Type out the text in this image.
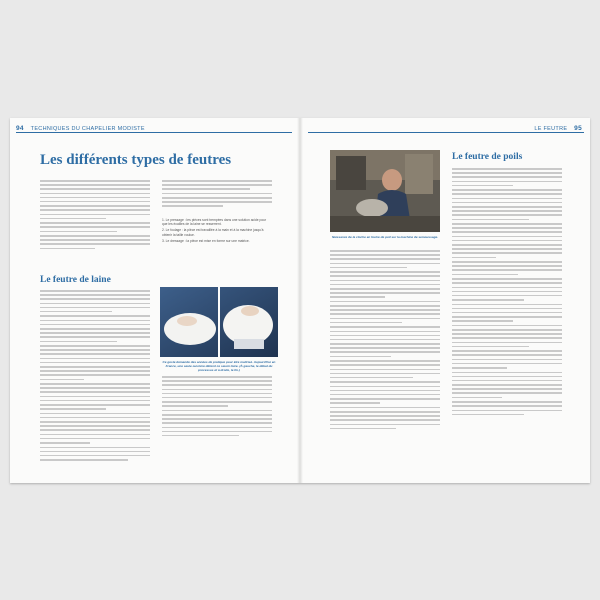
94 TECHNIQUES DU CHAPELIER MODISTE
Les différents types de feutres
1. Le pressage : les pièces sont trempées dans une solution acide pour que les écailles de la laine se resserrent.
2. Le foulage : la pièce est travaillée à la main et à la machine jusqu'à obtenir la taille voulue.
3. Le dressage : la pièce est mise en forme sur une matrice.
Le feutre de laine
Ce geste demande des années de pratique pour être maîtrisé. Aujourd'hui en France, une seule ouvrière détient ce savoir-faire. (À gauche, le débat du processus et à droite, le fin.)
LE FEUTRE 95
Naissance de la cloche en feutre de poil sur la machine de semoussage.
Le feutre de poils
